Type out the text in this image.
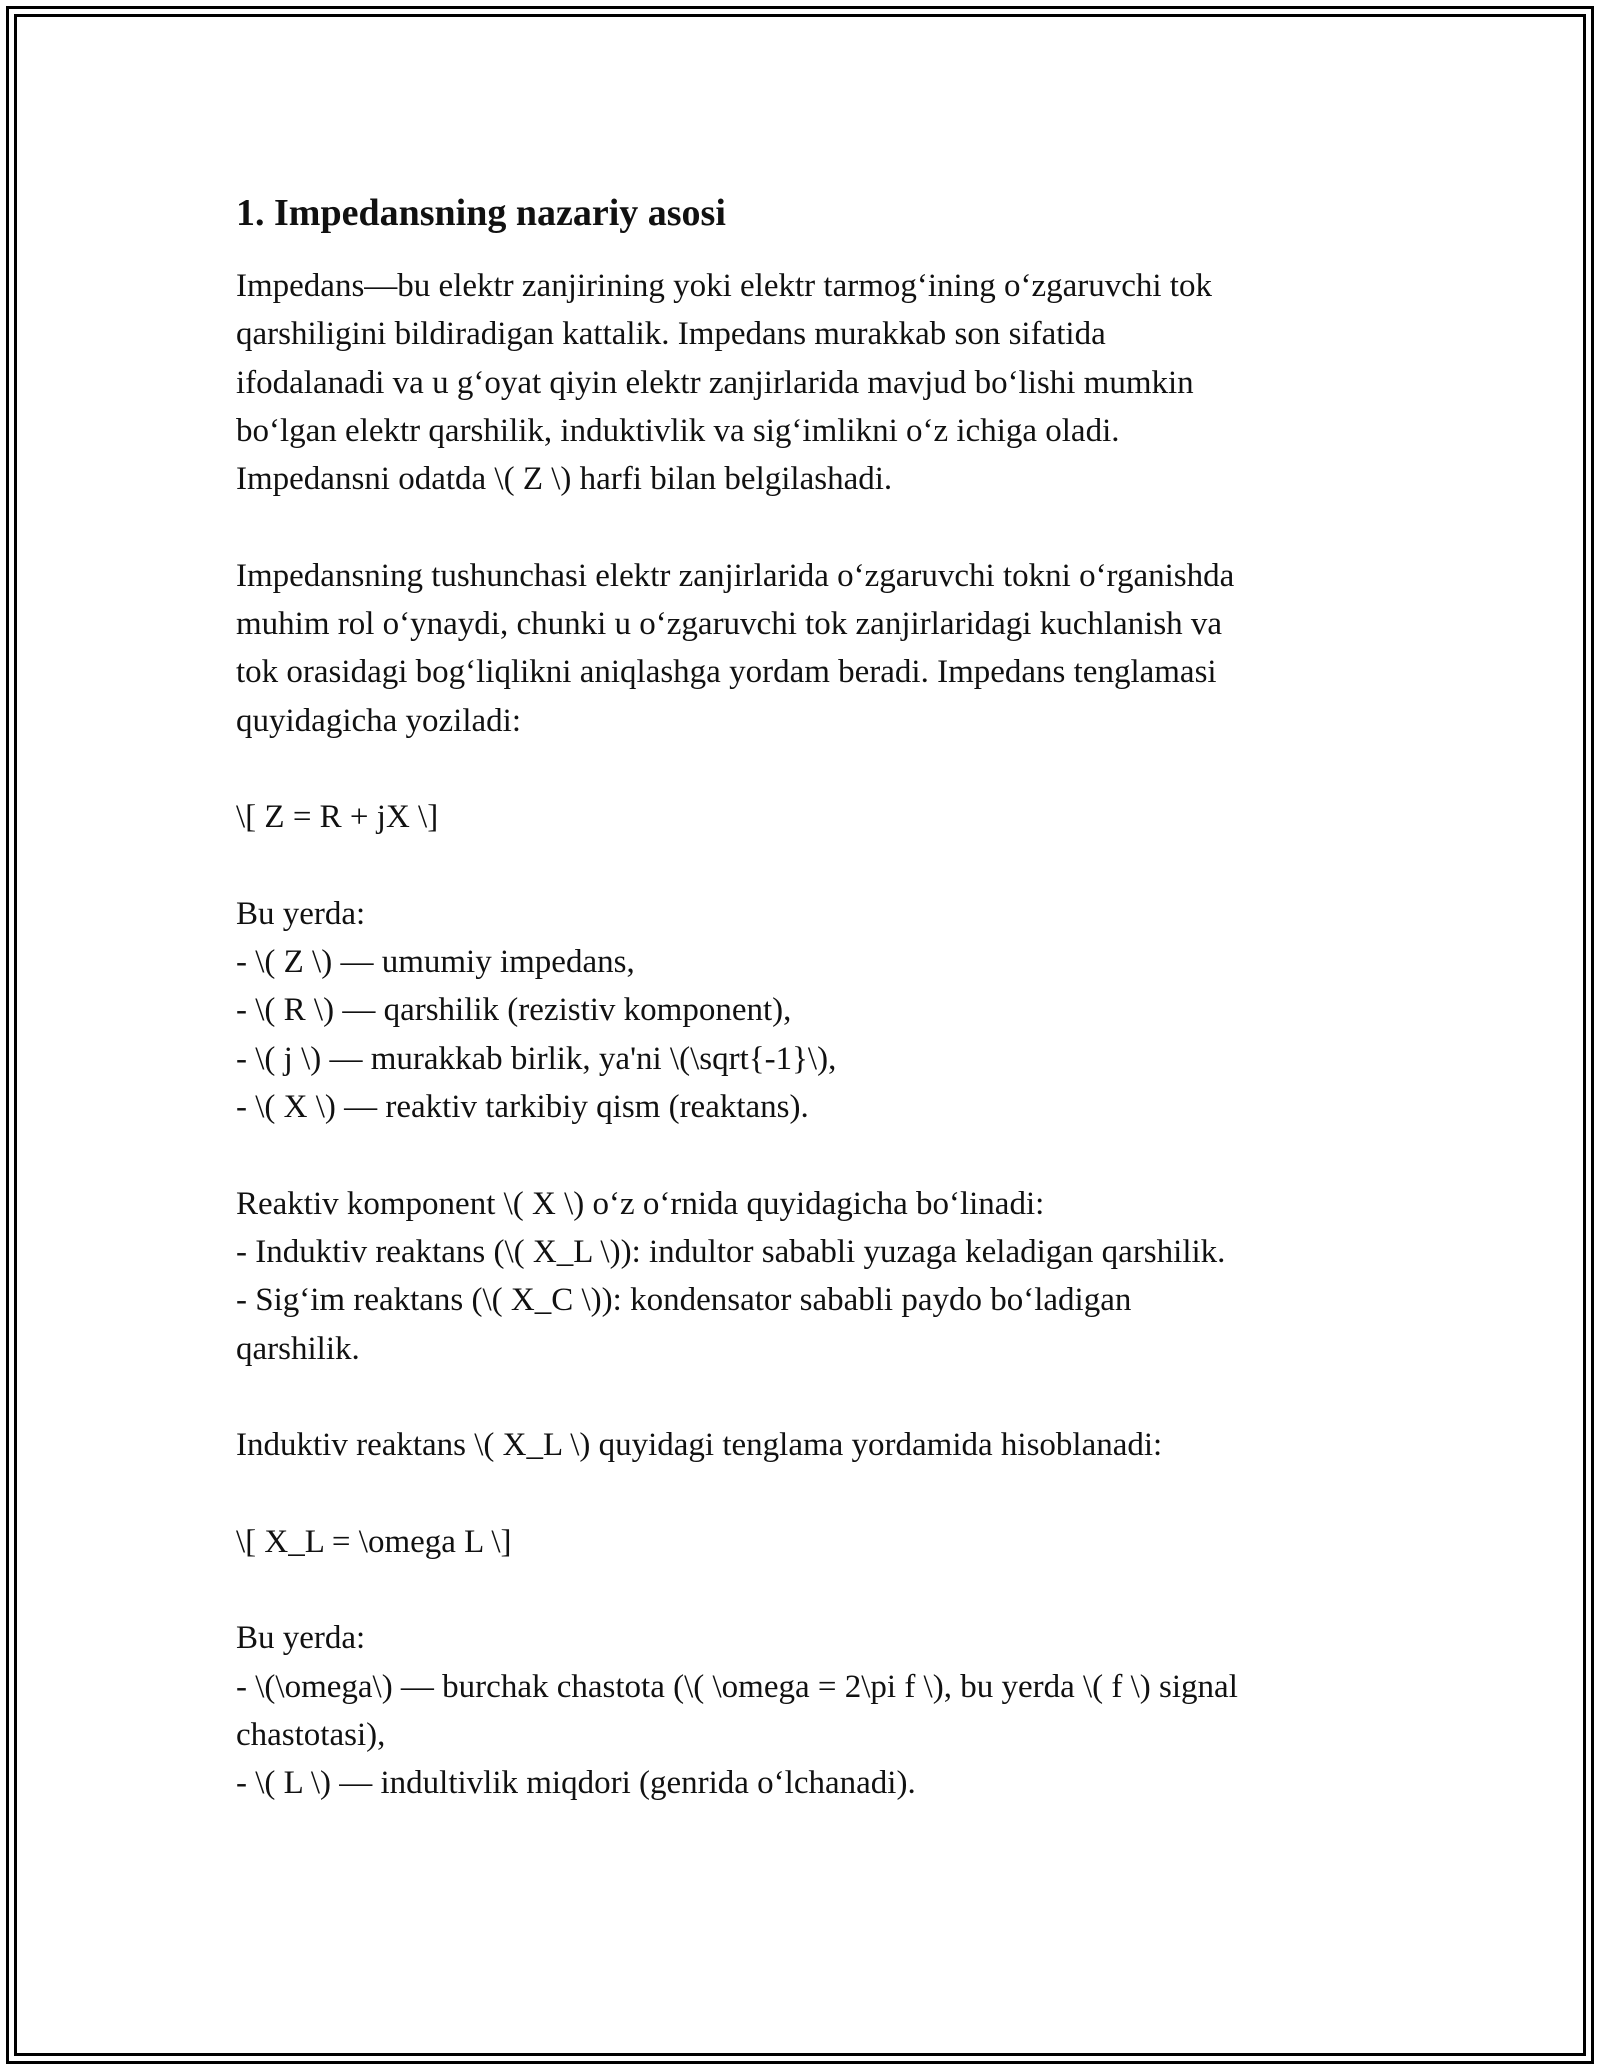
1. Impedansning nazariy asosi
Impedans—bu elektr zanjirining yoki elektr tarmog‘ining o‘zgaruvchi tok
qarshiligini bildiradigan kattalik. Impedans murakkab son sifatida
ifodalanadi va u g‘oyat qiyin elektr zanjirlarida mavjud bo‘lishi mumkin
bo‘lgan elektr qarshilik, induktivlik va sig‘imlikni o‘z ichiga oladi.
Impedansni odatda \( Z \) harfi bilan belgilashadi.
Impedansning tushunchasi elektr zanjirlarida o‘zgaruvchi tokni o‘rganishda
muhim rol o‘ynaydi, chunki u o‘zgaruvchi tok zanjirlaridagi kuchlanish va
tok orasidagi bog‘liqlikni aniqlashga yordam beradi. Impedans tenglamasi
quyidagicha yoziladi:
\[ Z = R + jX \]
Bu yerda:
- \( Z \) — umumiy impedans,
- \( R \) — qarshilik (rezistiv komponent),
- \( j \) — murakkab birlik, ya'ni \(\sqrt{-1}\),
- \( X \) — reaktiv tarkibiy qism (reaktans).
Reaktiv komponent \( X \) o‘z o‘rnida quyidagicha bo‘linadi:
- Induktiv reaktans (\( X_L \)): indultor sababli yuzaga keladigan qarshilik.
- Sig‘im reaktans (\( X_C \)): kondensator sababli paydo bo‘ladigan
qarshilik.
Induktiv reaktans \( X_L \) quyidagi tenglama yordamida hisoblanadi:
\[ X_L = \omega L \]
Bu yerda:
- \(\omega\) — burchak chastota (\( \omega = 2\pi f \), bu yerda \( f \) signal
chastotasi),
- \( L \) — indultivlik miqdori (genrida o‘lchanadi).
